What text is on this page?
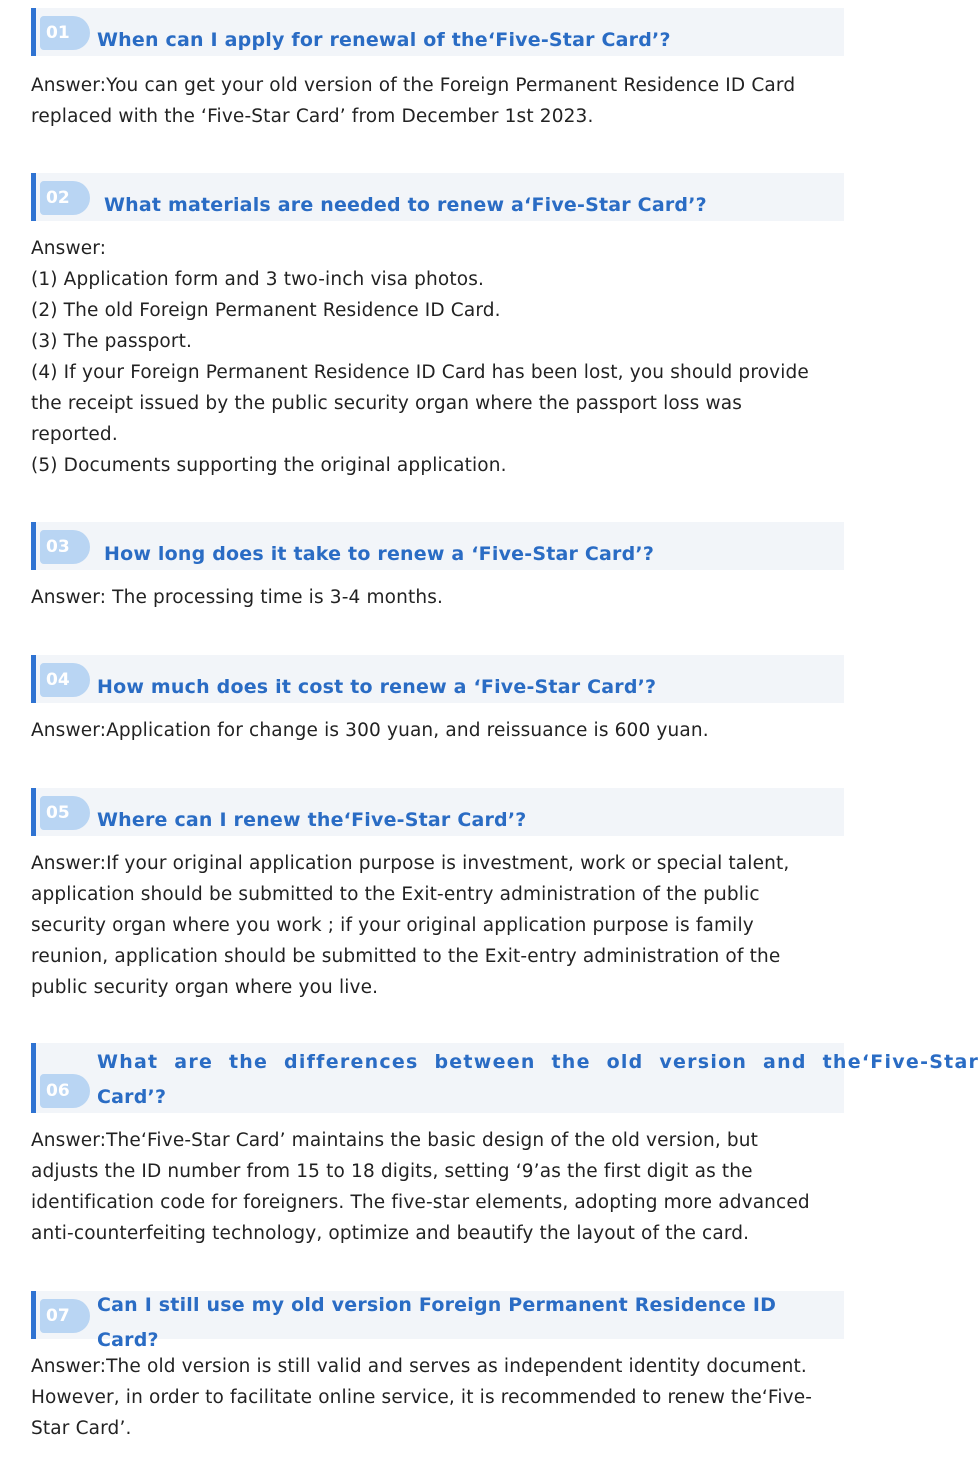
01	When can I apply for renewal of the‘Five-Star Card’?
Answer:You can get your old version of the Foreign Permanent Residence ID Card
replaced with the ‘Five-Star Card’ from December 1st 2023.
02	What materials are needed to renew a‘Five-Star Card’?
Answer:
(1) Application form and 3 two-inch visa photos.
(2) The old Foreign Permanent Residence ID Card.
(3) The passport.
(4) If your Foreign Permanent Residence ID Card has been lost, you should provide
the receipt issued by the public security organ where the passport loss was
reported.
(5) Documents supporting the original application.
03	How long does it take to renew a ‘Five-Star Card’?
Answer: The processing time is 3-4 months.
04	How much does it cost to renew a ‘Five-Star Card’?
Answer:Application for change is 300 yuan, and reissuance is 600 yuan.
05	Where can I renew the‘Five-Star Card’?
Answer:If your original application purpose is investment, work or special talent,
application should be submitted to the Exit-entry administration of the public
security organ where you work ; if your original application purpose is family
reunion, application should be submitted to the Exit-entry administration of the
public security organ where you live.
06
What are the differences between the old version and the‘Five-Star
Card’?
Answer:The‘Five-Star Card’ maintains the basic design of the old version, but
adjusts the ID number from 15 to 18 digits, setting ‘9’as the first digit as the
identification code for foreigners. The five-star elements, adopting more advanced
anti-counterfeiting technology, optimize and beautify the layout of the card.
07	Can I still use my old version Foreign Permanent Residence ID Card?
Answer:The old version is still valid and serves as independent identity document.
However, in order to facilitate online service, it is recommended to renew the‘Five-
Star Card’.
